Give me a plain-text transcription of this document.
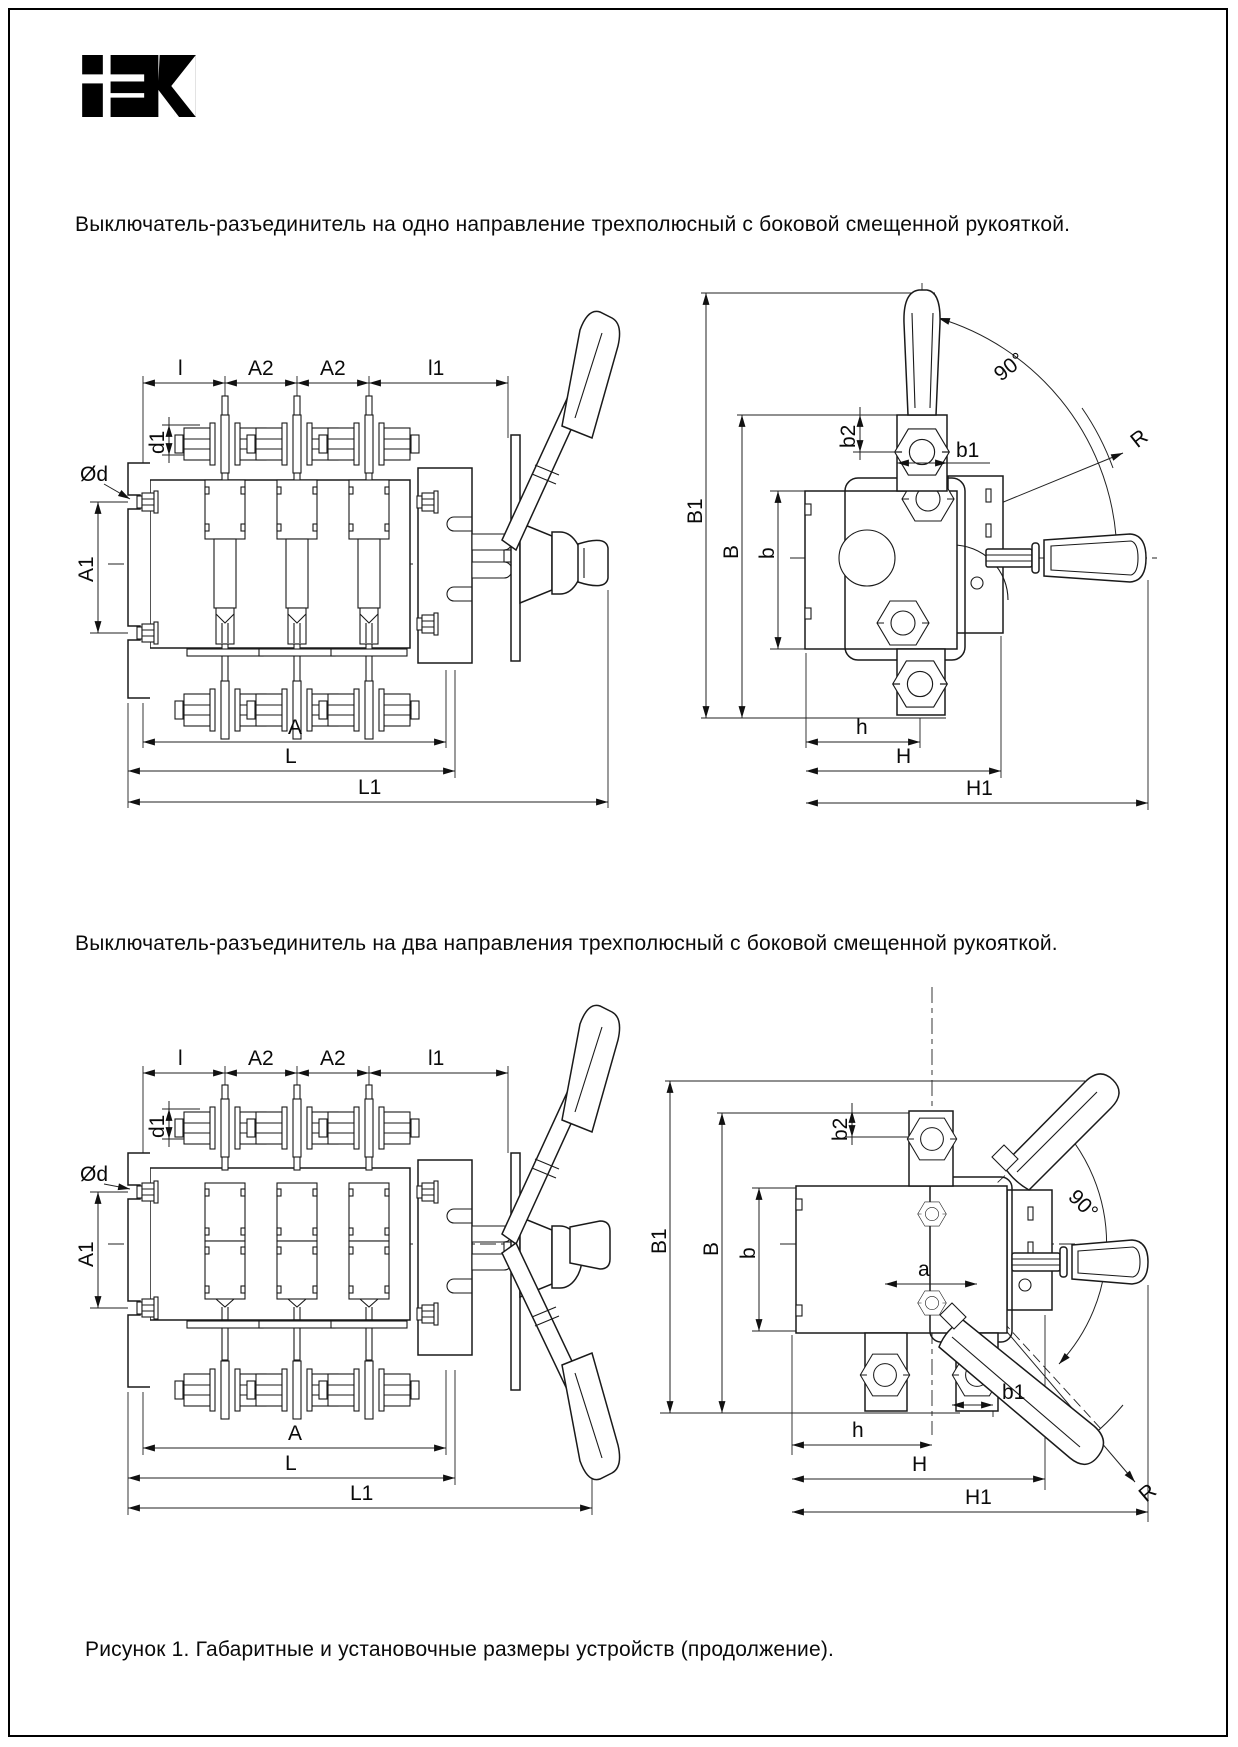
Выключатель-разъединитель на одно направление трехполюсный с боковой смещенной рукояткой.
Выключатель-разъединитель на два направления трехполюсный с боковой смещенной рукояткой.
Рисунок 1. Габаритные и установочные размеры устройств (продолжение).
l	A2 A2	l1
d1
Ød
A1
A
L
L1
B1
B b
90°
R
b2
b1
h
H
H1
l	A2 A2	l1
d1
Ød
A1
A
L
L1
B1 B b
90°
R
b2
a
b1
h
H
H1
